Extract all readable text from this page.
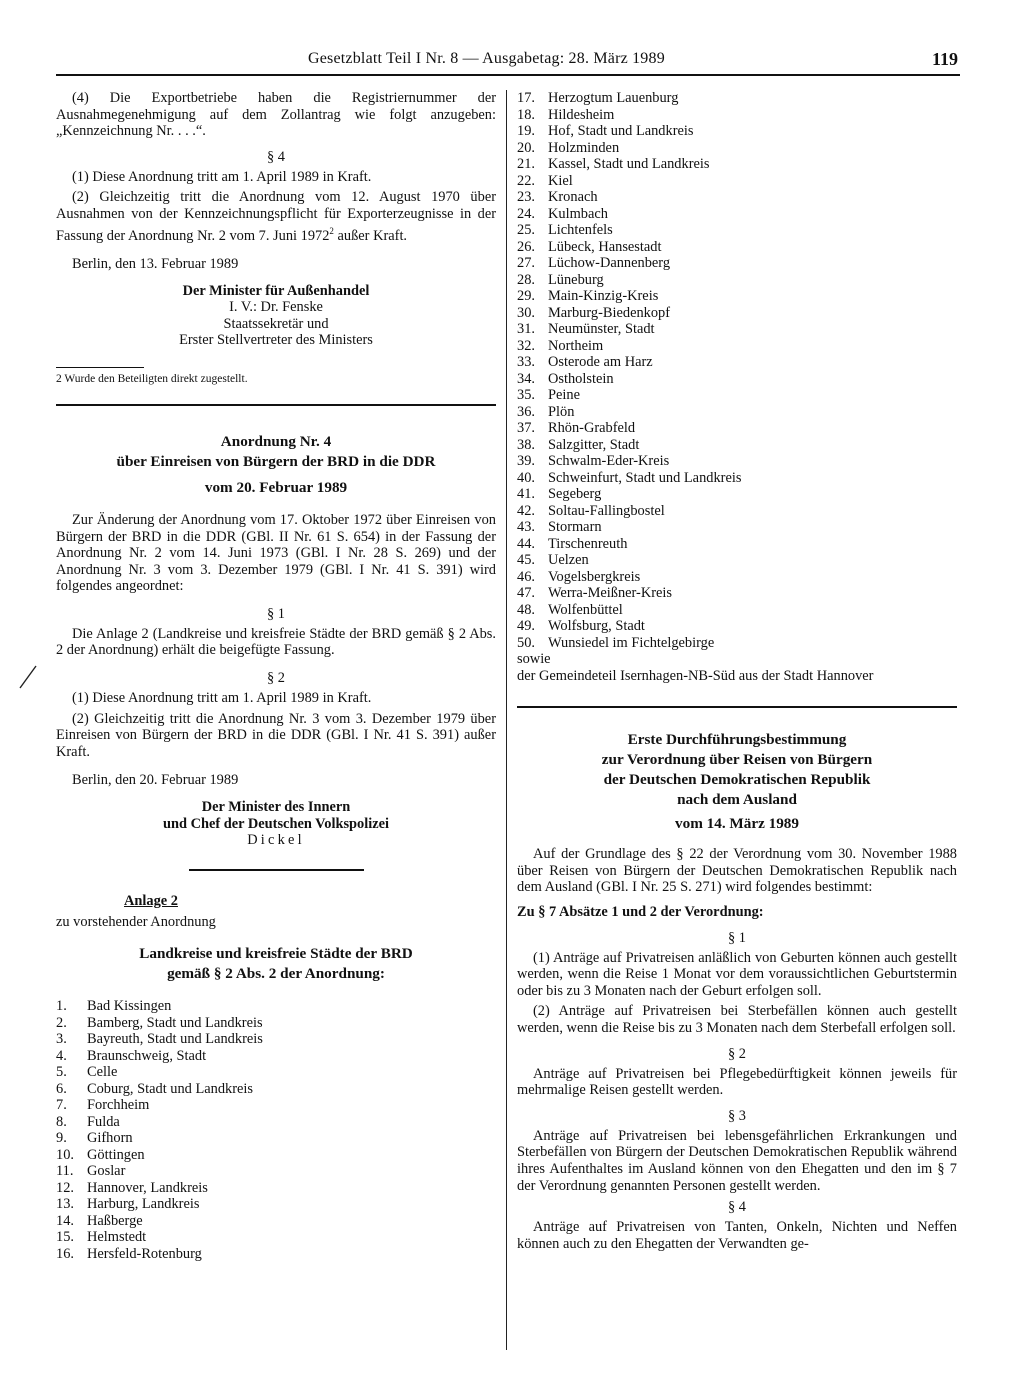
Gesetzblatt Teil I Nr. 8 — Ausgabetag: 28. März 1989	119

(4) Die Exportbetriebe haben die Registriernummer der Ausnahmegenehmigung auf dem Zollantrag wie folgt anzugeben: „Kennzeichnung Nr. . . .“.

§ 4

(1) Diese Anordnung tritt am 1. April 1989 in Kraft.

(2) Gleichzeitig tritt die Anordnung vom 12. August 1970 über Ausnahmen von der Kennzeichnungspflicht für Exporterzeugnisse in der Fassung der Anordnung Nr. 2 vom 7. Juni 1972$^2$ außer Kraft.

Berlin, den 13. Februar 1989

Der Minister für Außenhandel
I. V.: Dr. Fenske
Staatssekretär und
Erster Stellvertreter des Ministers

2 Wurde den Beteiligten direkt zugestellt.

Anordnung Nr. 4
über Einreisen von Bürgern der BRD in die DDR
vom 20. Februar 1989

Zur Änderung der Anordnung vom 17. Oktober 1972 über Einreisen von Bürgern der BRD in die DDR (GBl. II Nr. 61 S. 654) in der Fassung der Anordnung Nr. 2 vom 14. Juni 1973 (GBl. I Nr. 28 S. 269) und der Anordnung Nr. 3 vom 3. Dezember 1979 (GBl. I Nr. 41 S. 391) wird folgendes angeordnet:

§ 1

Die Anlage 2 (Landkreise und kreisfreie Städte der BRD gemäß § 2 Abs. 2 der Anordnung) erhält die beigefügte Fassung.

§ 2

(1) Diese Anordnung tritt am 1. April 1989 in Kraft.

(2) Gleichzeitig tritt die Anordnung Nr. 3 vom 3. Dezember 1979 über Einreisen von Bürgern der BRD in die DDR (GBl. I Nr. 41 S. 391) außer Kraft.

Berlin, den 20. Februar 1989

Der Minister des Innern
und Chef der Deutschen Volkspolizei
Dickel
Anlage 2

zu vorstehender Anordnung

Landkreise und kreisfreie Städte der BRD
gemäß § 2 Abs. 2 der Anordnung:
1. Bad Kissingen
2. Bamberg, Stadt und Landkreis
3. Bayreuth, Stadt und Landkreis
4. Braunschweig, Stadt
5. Celle
6. Coburg, Stadt und Landkreis
7. Forchheim
8. Fulda
9. Gifhorn
10. Göttingen
11. Goslar
12. Hannover, Landkreis
13. Harburg, Landkreis
14. Haßberge
15. Helmstedt
16. Hersfeld-Rotenburg
17. Herzogtum Lauenburg
18. Hildesheim
19. Hof, Stadt und Landkreis
20. Holzminden
21. Kassel, Stadt und Landkreis
22. Kiel
23. Kronach
24. Kulmbach
25. Lichtenfels
26. Lübeck, Hansestadt
27. Lüchow-Dannenberg
28. Lüneburg
29. Main-Kinzig-Kreis
30. Marburg-Biedenkopf
31. Neumünster, Stadt
32. Northeim
33. Osterode am Harz
34. Ostholstein
35. Peine
36. Plön
37. Rhön-Grabfeld
38. Salzgitter, Stadt
39. Schwalm-Eder-Kreis
40. Schweinfurt, Stadt und Landkreis
41. Segeberg
42. Soltau-Fallingbostel
43. Stormarn
44. Tirschenreuth
45. Uelzen
46. Vogelsbergkreis
47. Werra-Meißner-Kreis
48. Wolfenbüttel
49. Wolfsburg, Stadt
50. Wunsiedel im Fichtelgebirge

sowie

der Gemeindeteil Isernhagen-NB-Süd aus der Stadt Hannover

Erste Durchführungsbestimmung
zur Verordnung über Reisen von Bürgern
der Deutschen Demokratischen Republik
nach dem Ausland
vom 14. März 1989

Auf der Grundlage des § 22 der Verordnung vom 30. November 1988 über Reisen von Bürgern der Deutschen Demokratischen Republik nach dem Ausland (GBl. I Nr. 25 S. 271) wird folgendes bestimmt:

Zu § 7 Absätze 1 und 2 der Verordnung:

§ 1

(1) Anträge auf Privatreisen anläßlich von Geburten können auch gestellt werden, wenn die Reise 1 Monat vor dem voraussichtlichen Geburtstermin oder bis zu 3 Monaten nach der Geburt erfolgen soll.

(2) Anträge auf Privatreisen bei Sterbefällen können auch gestellt werden, wenn die Reise bis zu 3 Monaten nach dem Sterbefall erfolgen soll.

§ 2

Anträge auf Privatreisen bei Pflegebedürftigkeit können jeweils für mehrmalige Reisen gestellt werden.

§ 3

Anträge auf Privatreisen bei lebensgefährlichen Erkrankungen und Sterbefällen von Bürgern der Deutschen Demokratischen Republik während ihres Aufenthaltes im Ausland können von den Ehegatten und den im § 7 der Verordnung genannten Personen gestellt werden.

§ 4

Anträge auf Privatreisen von Tanten, Onkeln, Nichten und Neffen können auch zu den Ehegatten der Verwandten ge-
